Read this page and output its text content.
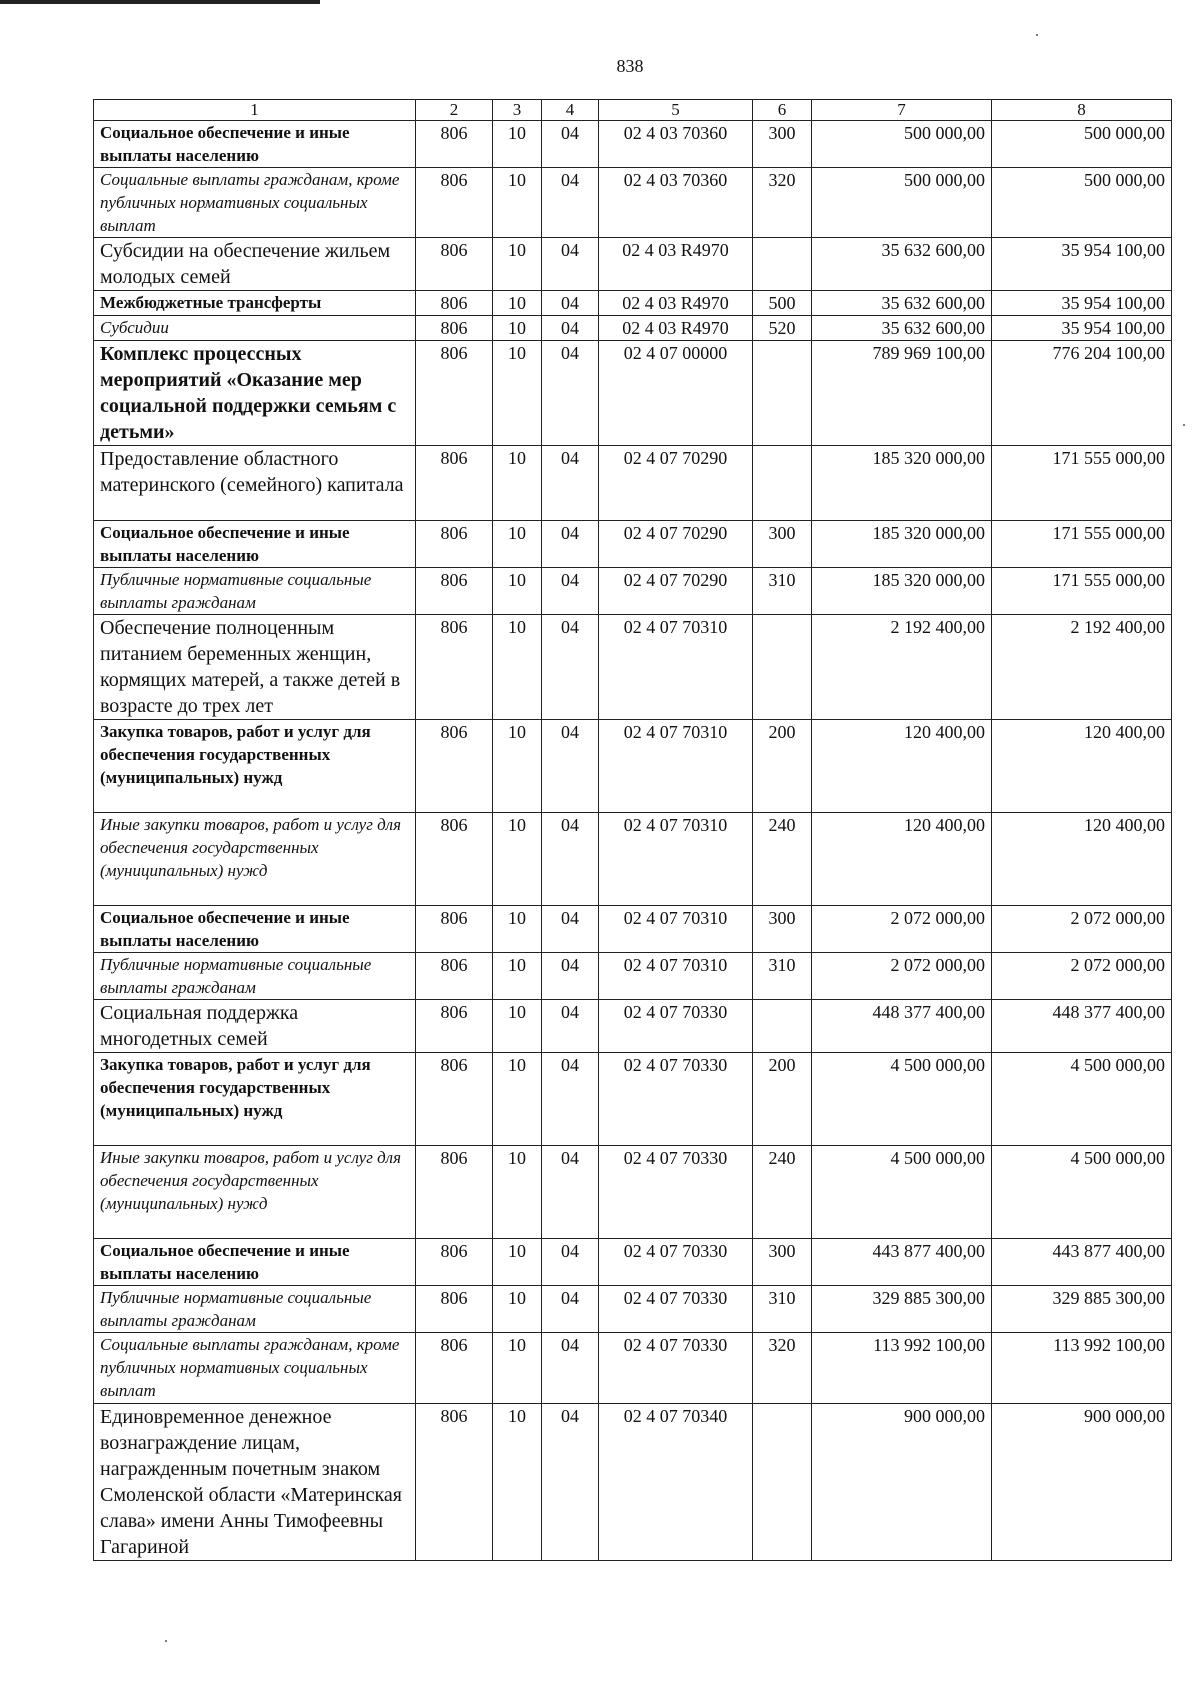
838
1	2	3	4	5	6	7	8
Социальное обеспечение и иные выплаты населению	806	10	04	02 4 03 70360	300	500 000,00	500 000,00
Социальные выплаты гражданам, кроме публичных нормативных социальных выплат	806	10	04	02 4 03 70360	320	500 000,00	500 000,00
Субсидии на обеспечение жильем молодых семей	806	10	04	02 4 03 R4970		35 632 600,00	35 954 100,00
Межбюджетные трансферты	806	10	04	02 4 03 R4970	500	35 632 600,00	35 954 100,00
Субсидии	806	10	04	02 4 03 R4970	520	35 632 600,00	35 954 100,00
Комплекс процессных мероприятий «Оказание мер социальной поддержки семьям с детьми»	806	10	04	02 4 07 00000		789 969 100,00	776 204 100,00
Предоставление областного материнского (семейного) капитала	806	10	04	02 4 07 70290		185 320 000,00	171 555 000,00
Социальное обеспечение и иные выплаты населению	806	10	04	02 4 07 70290	300	185 320 000,00	171 555 000,00
Публичные нормативные социальные выплаты гражданам	806	10	04	02 4 07 70290	310	185 320 000,00	171 555 000,00
Обеспечение полноценным питанием беременных женщин, кормящих матерей, а также детей в возрасте до трех лет	806	10	04	02 4 07 70310		2 192 400,00	2 192 400,00
Закупка товаров, работ и услуг для обеспечения государственных (муниципальных) нужд	806	10	04	02 4 07 70310	200	120 400,00	120 400,00
Иные закупки товаров, работ и услуг для обеспечения государственных (муниципальных) нужд	806	10	04	02 4 07 70310	240	120 400,00	120 400,00
Социальное обеспечение и иные выплаты населению	806	10	04	02 4 07 70310	300	2 072 000,00	2 072 000,00
Публичные нормативные социальные выплаты гражданам	806	10	04	02 4 07 70310	310	2 072 000,00	2 072 000,00
Социальная поддержка многодетных семей	806	10	04	02 4 07 70330		448 377 400,00	448 377 400,00
Закупка товаров, работ и услуг для обеспечения государственных (муниципальных) нужд	806	10	04	02 4 07 70330	200	4 500 000,00	4 500 000,00
Иные закупки товаров, работ и услуг для обеспечения государственных (муниципальных) нужд	806	10	04	02 4 07 70330	240	4 500 000,00	4 500 000,00
Социальное обеспечение и иные выплаты населению	806	10	04	02 4 07 70330	300	443 877 400,00	443 877 400,00
Публичные нормативные социальные выплаты гражданам	806	10	04	02 4 07 70330	310	329 885 300,00	329 885 300,00
Социальные выплаты гражданам, кроме публичных нормативных социальных выплат	806	10	04	02 4 07 70330	320	113 992 100,00	113 992 100,00
Единовременное денежное вознаграждение лицам, награжденным почетным знаком Смоленской области «Материнская слава» имени Анны Тимофеевны Гагариной	806	10	04	02 4 07 70340		900 000,00	900 000,00
